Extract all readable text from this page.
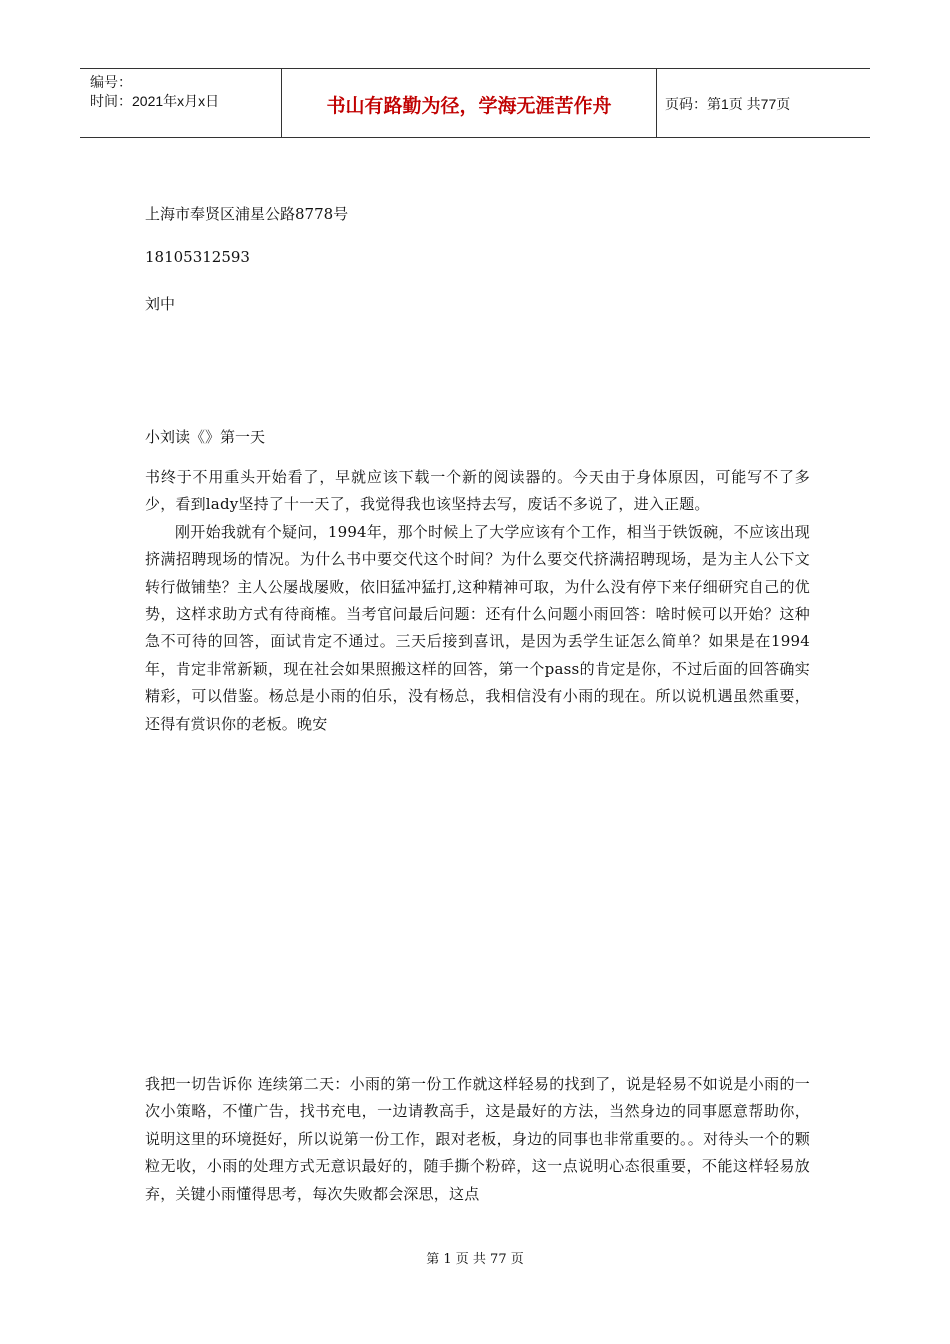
编号：
时间：2021年x月x日	书山有路勤为径，学海无涯苦作舟	页码：第1页 共77页
上海市奉贤区浦星公路8778号
18105312593
刘中
小刘读《》第一天
书终于不用重头开始看了，早就应该下载一个新的阅读器的。今天由于身体原因，可能写不了多少，看到lady坚持了十一天了，我觉得我也该坚持去写，废话不多说了，进入正题。
刚开始我就有个疑问，1994年，那个时候上了大学应该有个工作，相当于铁饭碗，不应该出现挤满招聘现场的情况。为什么书中要交代这个时间？为什么要交代挤满招聘现场，是为主人公下文转行做铺垫？主人公屡战屡败，依旧猛冲猛打,这种精神可取，为什么没有停下来仔细研究自己的优势，这样求助方式有待商榷。当考官问最后问题：还有什么问题小雨回答：啥时候可以开始？这种急不可待的回答，面试肯定不通过。三天后接到喜讯，是因为丢学生证怎么简单？如果是在1994年，肯定非常新颖，现在社会如果照搬这样的回答，第一个pass的肯定是你，不过后面的回答确实精彩，可以借鉴。杨总是小雨的伯乐，没有杨总，我相信没有小雨的现在。所以说机遇虽然重要，还得有赏识你的老板。晚安
我把一切告诉你 连续第二天：小雨的第一份工作就这样轻易的找到了，说是轻易不如说是小雨的一次小策略，不懂广告，找书充电，一边请教高手，这是最好的方法，当然身边的同事愿意帮助你，说明这里的环境挺好，所以说第一份工作，跟对老板，身边的同事也非常重要的。。对待头一个的颗粒无收，小雨的处理方式无意识最好的，随手撕个粉碎，这一点说明心态很重要，不能这样轻易放弃，关键小雨懂得思考，每次失败都会深思，这点
第 1 页 共 77 页
